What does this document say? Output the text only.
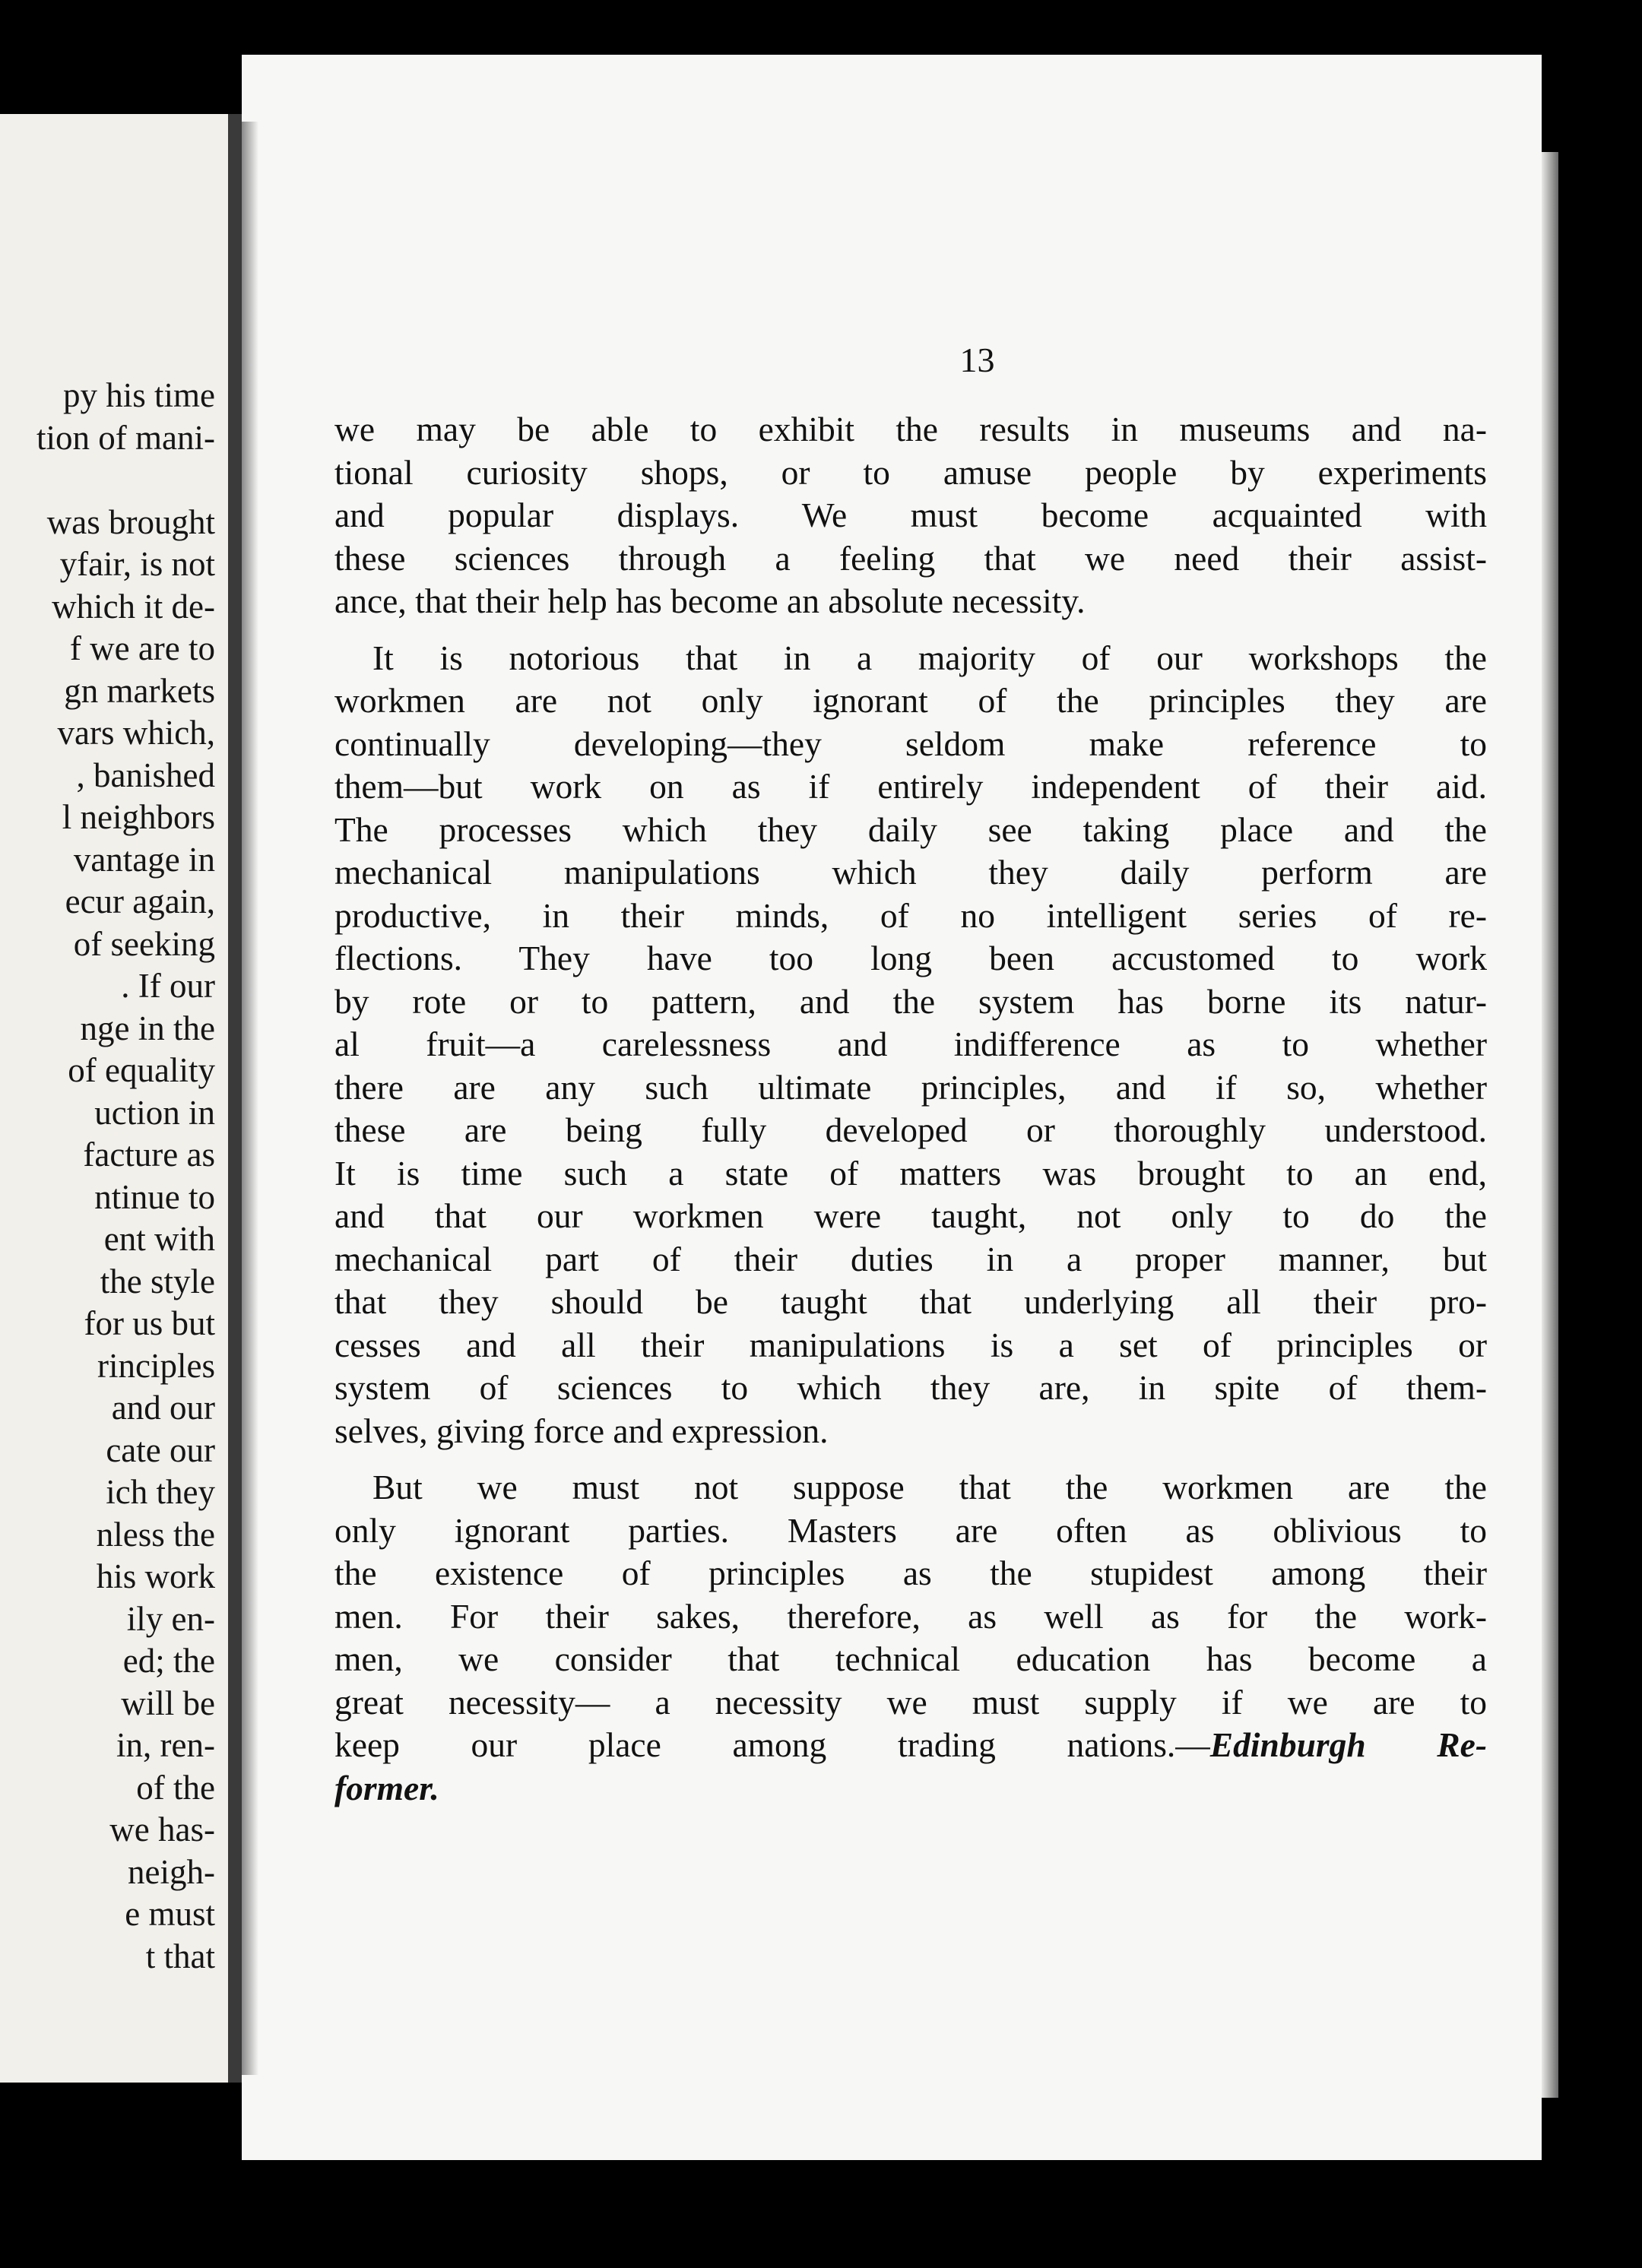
py his time
tion of mani-

was brought
yfair, is not
which it de-
f we are to
gn markets
vars which,
, banished
l neighbors
vantage in
ecur again,
of seeking
. If our
nge in the
of equality
uction in
facture as
ntinue to
ent with
the style
for us but
rinciples
and our
cate our
ich they
nless the
his work
ily en-
ed; the
will be
in, ren-
of the
we has-
neigh-
e must
t that
13
we may be able to exhibit the results in museums and na-
tional curiosity shops, or to amuse people by experiments
and popular displays. We must become acquainted with
these sciences through a feeling that we need their assist-
ance, that their help has become an absolute necessity.
It is notorious that in a majority of our workshops the
workmen are not only ignorant of the principles they are
continually developing—they seldom make reference to
them—but work on as if entirely independent of their aid.
The processes which they daily see taking place and the
mechanical manipulations which they daily perform are
productive, in their minds, of no intelligent series of re-
flections. They have too long been accustomed to work
by rote or to pattern, and the system has borne its natur-
al fruit—a carelessness and indifference as to whether
there are any such ultimate principles, and if so, whether
these are being fully developed or thoroughly understood.
It is time such a state of matters was brought to an end,
and that our workmen were taught, not only to do the
mechanical part of their duties in a proper manner, but
that they should be taught that underlying all their pro-
cesses and all their manipulations is a set of principles or
system of sciences to which they are, in spite of them-
selves, giving force and expression.
But we must not suppose that the workmen are the
only ignorant parties. Masters are often as oblivious to
the existence of principles as the stupidest among their
men. For their sakes, therefore, as well as for the work-
men, we consider that technical education has become a
great necessity— a necessity we must supply if we are to
keep our place among trading nations.—Edinburgh Re-
former.
